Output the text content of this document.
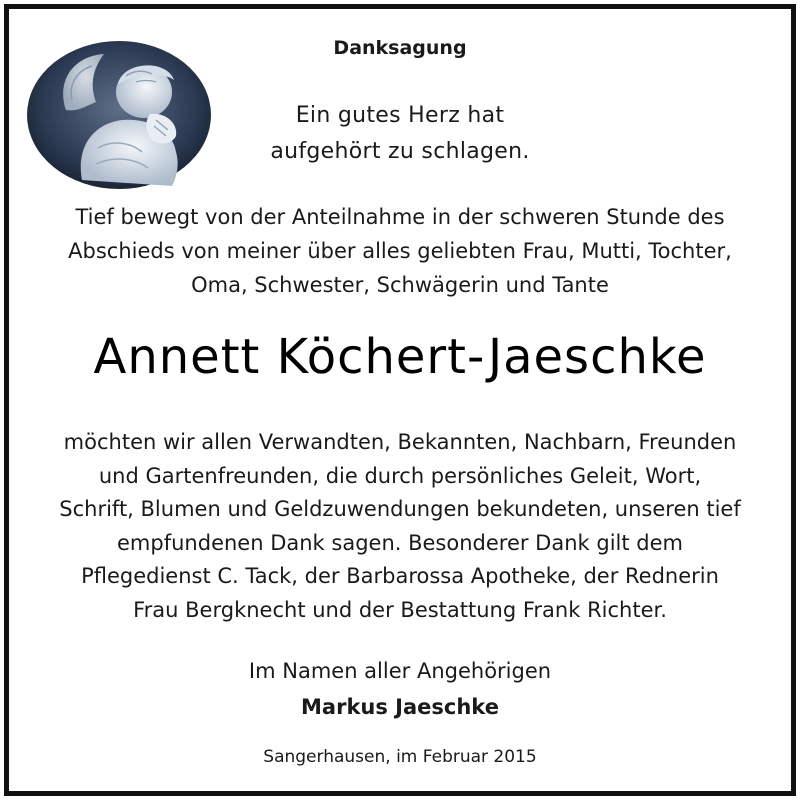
Danksagung
Ein gutes Herz hat
aufgehört zu schlagen.
Tief bewegt von der Anteilnahme in der schweren Stunde des
Abschieds von meiner über alles geliebten Frau, Mutti, Tochter,
Oma, Schwester, Schwägerin und Tante
Annett Köchert-Jaeschke
möchten wir allen Verwandten, Bekannten, Nachbarn, Freunden
und Gartenfreunden, die durch persönliches Geleit, Wort,
Schrift, Blumen und Geldzuwendungen bekundeten, unseren tief
empfundenen Dank sagen. Besonderer Dank gilt dem
Pflegedienst C. Tack, der Barbarossa Apotheke, der Rednerin
Frau Bergknecht und der Bestattung Frank Richter.
Im Namen aller Angehörigen
Markus Jaeschke
Sangerhausen, im Februar 2015
